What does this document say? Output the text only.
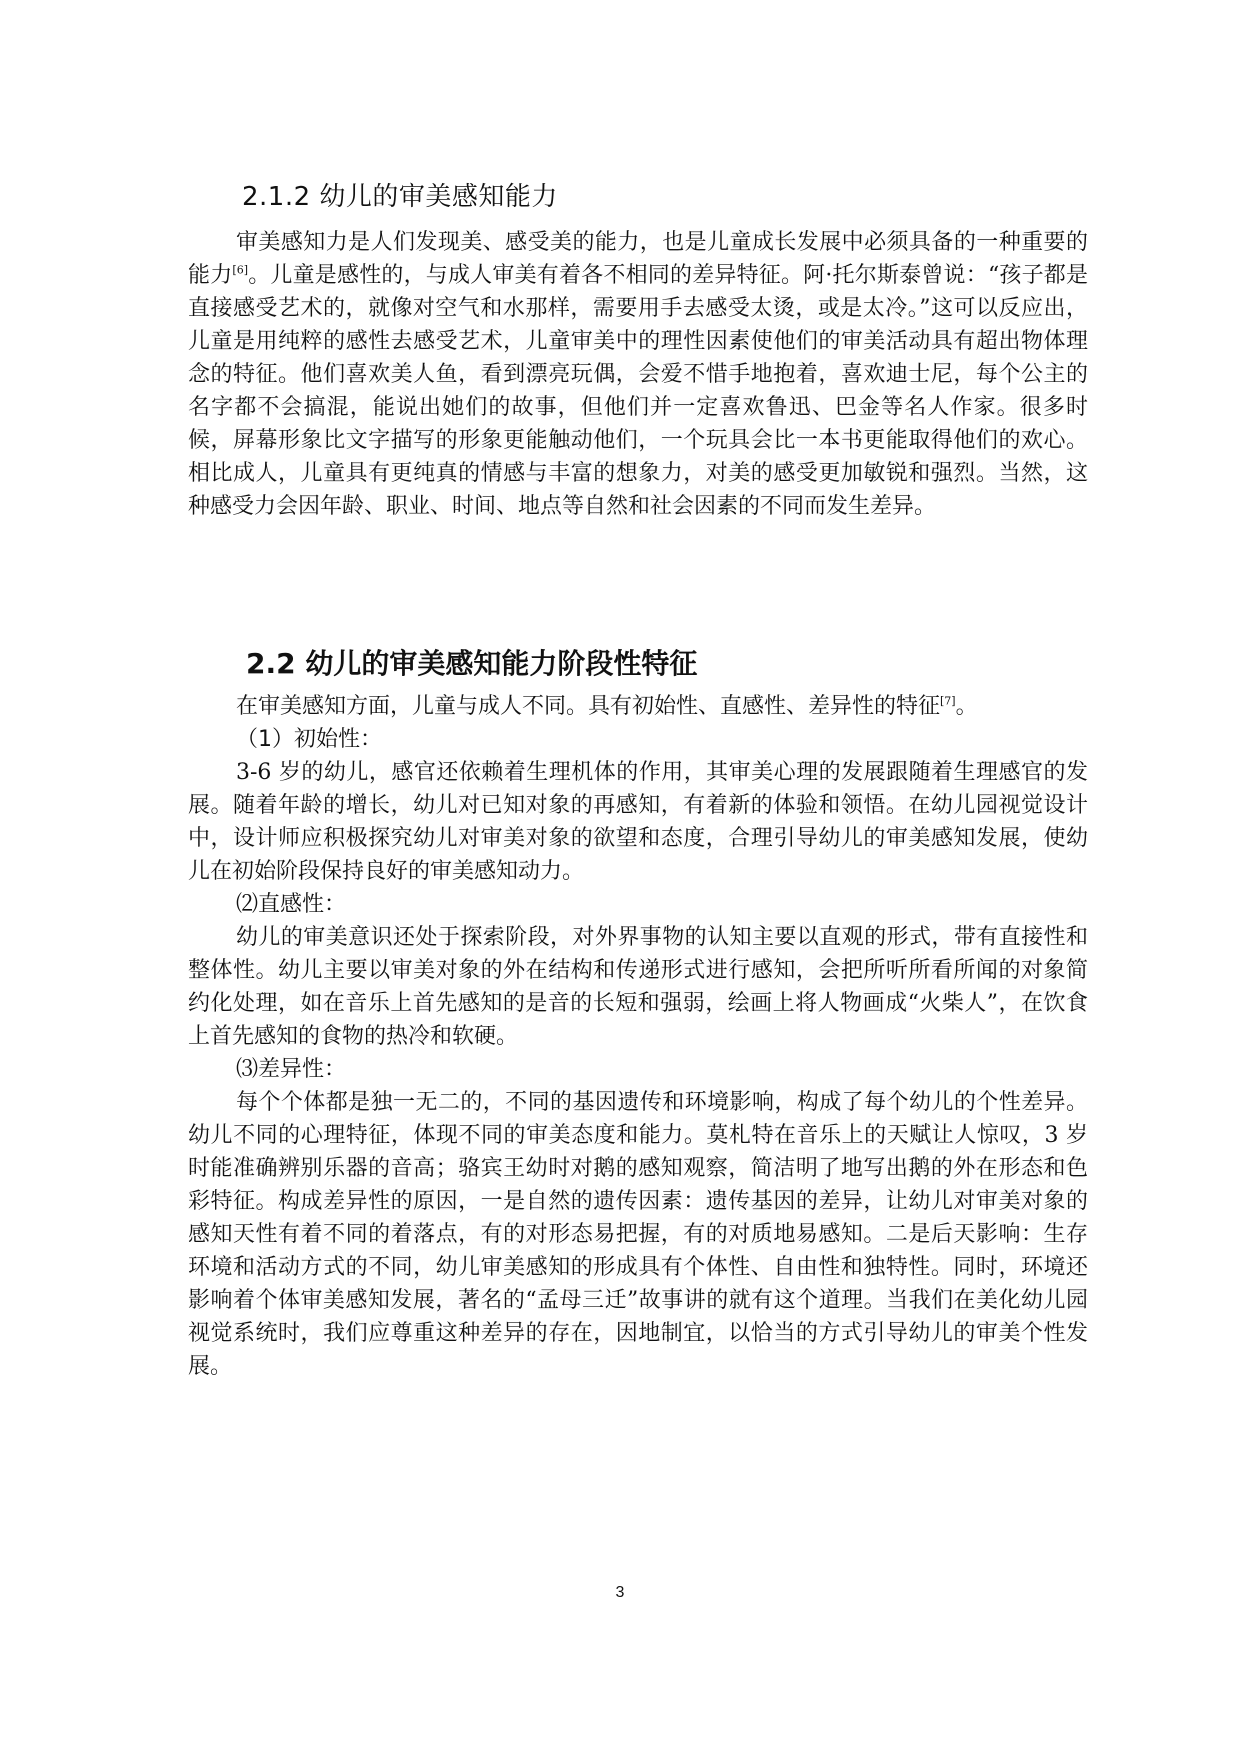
2.1.2 幼儿的审美感知能力

审美感知力是人们发现美、感受美的能力，也是儿童成长发展中必须具备的一种重要的能力[6]。儿童是感性的，与成人审美有着各不相同的差异特征。阿·托尔斯泰曾说：“孩子都是直接感受艺术的，就像对空气和水那样，需要用手去感受太烫，或是太冷。”这可以反应出，儿童是用纯粹的感性去感受艺术，儿童审美中的理性因素使他们的审美活动具有超出物体理念的特征。他们喜欢美人鱼，看到漂亮玩偶，会爱不惜手地抱着，喜欢迪士尼，每个公主的名字都不会搞混，能说出她们的故事，但他们并一定喜欢鲁迅、巴金等名人作家。很多时候，屏幕形象比文字描写的形象更能触动他们，一个玩具会比一本书更能取得他们的欢心。相比成人，儿童具有更纯真的情感与丰富的想象力，对美的感受更加敏锐和强烈。当然，这种感受力会因年龄、职业、时间、地点等自然和社会因素的不同而发生差异。

2.2 幼儿的审美感知能力阶段性特征

在审美感知方面，儿童与成人不同。具有初始性、直感性、差异性的特征[7]。

（1）初始性：

3-6 岁的幼儿，感官还依赖着生理机体的作用，其审美心理的发展跟随着生理感官的发展。随着年龄的增长，幼儿对已知对象的再感知，有着新的体验和领悟。在幼儿园视觉设计中，设计师应积极探究幼儿对审美对象的欲望和态度，合理引导幼儿的审美感知发展，使幼儿在初始阶段保持良好的审美感知动力。

⑵直感性：

幼儿的审美意识还处于探索阶段，对外界事物的认知主要以直观的形式，带有直接性和整体性。幼儿主要以审美对象的外在结构和传递形式进行感知，会把所听所看所闻的对象简约化处理，如在音乐上首先感知的是音的长短和强弱，绘画上将人物画成“火柴人”，在饮食上首先感知的食物的热冷和软硬。

⑶差异性：

每个个体都是独一无二的，不同的基因遗传和环境影响，构成了每个幼儿的个性差异。幼儿不同的心理特征，体现不同的审美态度和能力。莫札特在音乐上的天赋让人惊叹，3 岁时能准确辨别乐器的音高；骆宾王幼时对鹅的感知观察，简洁明了地写出鹅的外在形态和色彩特征。构成差异性的原因，一是自然的遗传因素：遗传基因的差异，让幼儿对审美对象的感知天性有着不同的着落点，有的对形态易把握，有的对质地易感知。二是后天影响：生存环境和活动方式的不同，幼儿审美感知的形成具有个体性、自由性和独特性。同时，环境还影响着个体审美感知发展，著名的“孟母三迁”故事讲的就有这个道理。当我们在美化幼儿园视觉系统时，我们应尊重这种差异的存在，因地制宜，以恰当的方式引导幼儿的审美个性发展。

3
